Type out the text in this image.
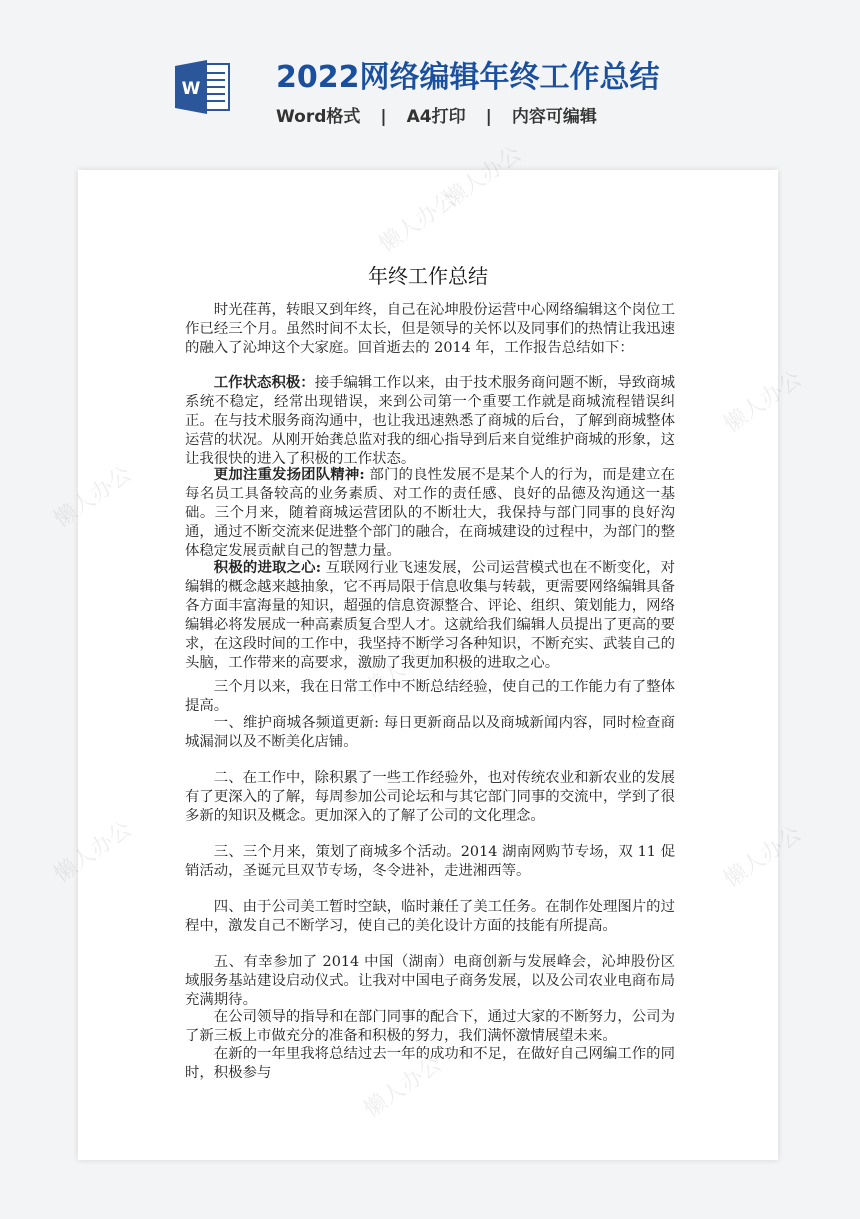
W	2022网络编辑年终工作总结
Word格式 | A4打印 | 内容可编辑
懒人办公
懒人办公
懒人办公
懒人办公
懒人办公
懒人办公	懒人办公
懒人办公
年终工作总结

时光荏苒，转眼又到年终，自己在沁坤股份运营中心网络编辑这个岗位工作已经三个月。虽然时间不太长，但是领导的关怀以及同事们的热情让我迅速的融入了沁坤这个大家庭。回首逝去的 2014 年，工作报告总结如下：

工作状态积极：接手编辑工作以来，由于技术服务商问题不断，导致商城系统不稳定，经常出现错误，来到公司第一个重要工作就是商城流程错误纠正。在与技术服务商沟通中，也让我迅速熟悉了商城的后台，了解到商城整体运营的状况。从刚开始龚总监对我的细心指导到后来自觉维护商城的形象，这让我很快的进入了积极的工作状态。

更加注重发扬团队精神: 部门的良性发展不是某个人的行为，而是建立在每名员工具备较高的业务素质、对工作的责任感、良好的品德及沟通这一基础。三个月来，随着商城运营团队的不断壮大，我保持与部门同事的良好沟通，通过不断交流来促进整个部门的融合，在商城建设的过程中，为部门的整体稳定发展贡献自己的智慧力量。

积极的进取之心: 互联网行业飞速发展，公司运营模式也在不断变化，对编辑的概念越来越抽象，它不再局限于信息收集与转载，更需要网络编辑具备各方面丰富海量的知识，超强的信息资源整合、评论、组织、策划能力，网络编辑必将发展成一种高素质复合型人才。这就给我们编辑人员提出了更高的要求，在这段时间的工作中，我坚持不断学习各种知识，不断充实、武装自己的头脑，工作带来的高要求，激励了我更加积极的进取之心。

三个月以来，我在日常工作中不断总结经验，使自己的工作能力有了整体提高。

一、维护商城各频道更新: 每日更新商品以及商城新闻内容，同时检查商城漏洞以及不断美化店铺。

二、在工作中，除积累了一些工作经验外，也对传统农业和新农业的发展有了更深入的了解，每周参加公司论坛和与其它部门同事的交流中，学到了很多新的知识及概念。更加深入的了解了公司的文化理念。

三、三个月来，策划了商城多个活动。2014 湖南网购节专场，双 11 促销活动，圣诞元旦双节专场，冬令进补，走进湘西等。

四、由于公司美工暂时空缺，临时兼任了美工任务。在制作处理图片的过程中，激发自己不断学习，使自己的美化设计方面的技能有所提高。

五、有幸参加了 2014 中国（湖南）电商创新与发展峰会，沁坤股份区域服务基站建设启动仪式。让我对中国电子商务发展，以及公司农业电商布局充满期待。

在公司领导的指导和在部门同事的配合下，通过大家的不断努力，公司为了新三板上市做充分的准备和积极的努力，我们满怀激情展望未来。

在新的一年里我将总结过去一年的成功和不足，在做好自己网编工作的同时，积极参与
